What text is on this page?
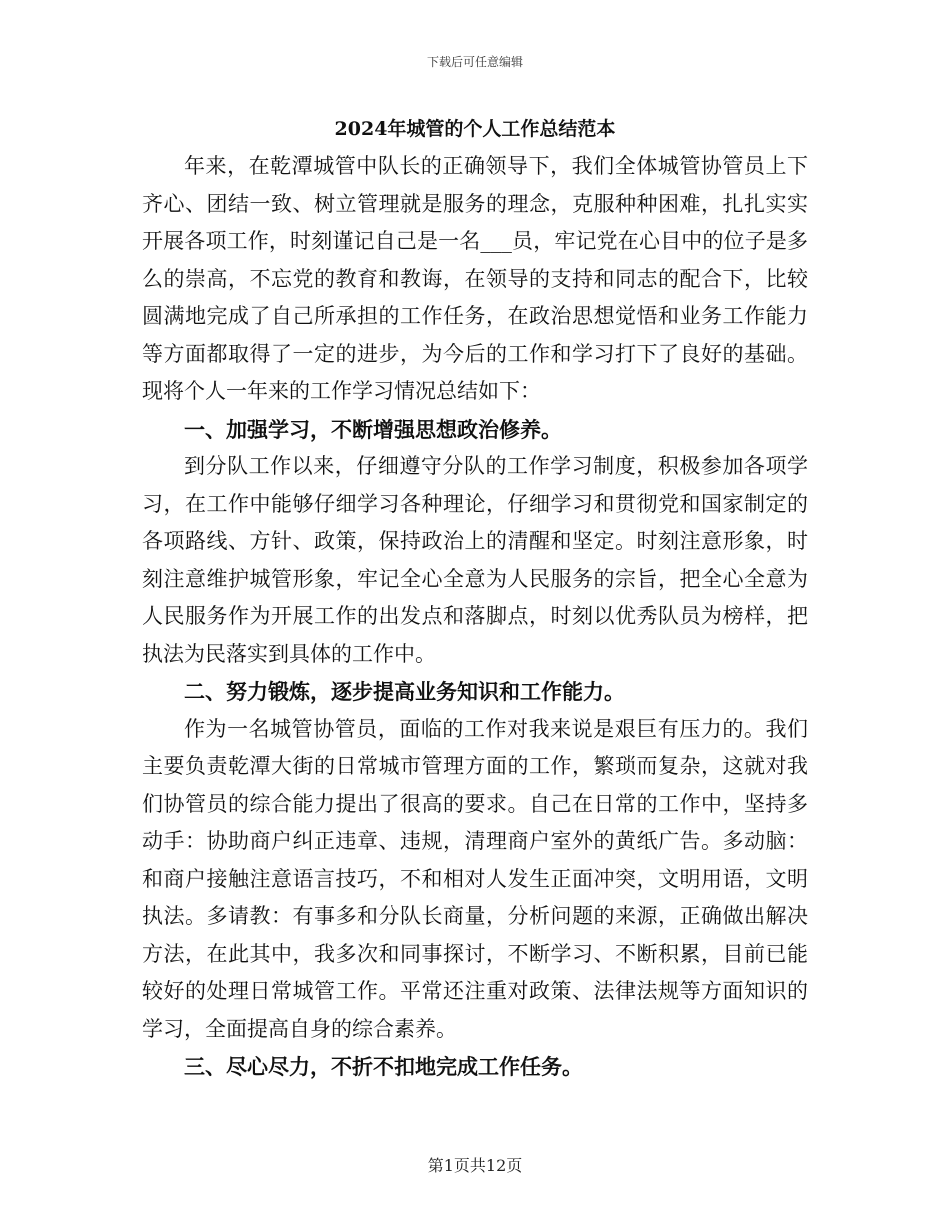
下载后可任意编辑
2024年城管的个人工作总结范本

年来，在乾潭城管中队长的正确领导下，我们全体城管协管员上下齐心、团结一致、树立管理就是服务的理念，克服种种困难，扎扎实实开展各项工作，时刻谨记自己是一名___员，牢记党在心目中的位子是多么的崇高，不忘党的教育和教诲，在领导的支持和同志的配合下，比较圆满地完成了自己所承担的工作任务，在政治思想觉悟和业务工作能力等方面都取得了一定的进步，为今后的工作和学习打下了良好的基础。现将个人一年来的工作学习情况总结如下：

一、加强学习，不断增强思想政治修养。

到分队工作以来，仔细遵守分队的工作学习制度，积极参加各项学习，在工作中能够仔细学习各种理论，仔细学习和贯彻党和国家制定的各项路线、方针、政策，保持政治上的清醒和坚定。时刻注意形象，时刻注意维护城管形象，牢记全心全意为人民服务的宗旨，把全心全意为人民服务作为开展工作的出发点和落脚点，时刻以优秀队员为榜样，把执法为民落实到具体的工作中。

二、努力锻炼，逐步提高业务知识和工作能力。

作为一名城管协管员，面临的工作对我来说是艰巨有压力的。我们主要负责乾潭大街的日常城市管理方面的工作，繁琐而复杂，这就对我们协管员的综合能力提出了很高的要求。自己在日常的工作中，坚持多动手：协助商户纠正违章、违规，清理商户室外的黄纸广告。多动脑：和商户接触注意语言技巧，不和相对人发生正面冲突，文明用语，文明执法。多请教：有事多和分队长商量，分析问题的来源，正确做出解决方法，在此其中，我多次和同事探讨，不断学习、不断积累，目前已能较好的处理日常城管工作。平常还注重对政策、法律法规等方面知识的学习，全面提高自身的综合素养。

三、尽心尽力，不折不扣地完成工作任务。

第1页共12页
